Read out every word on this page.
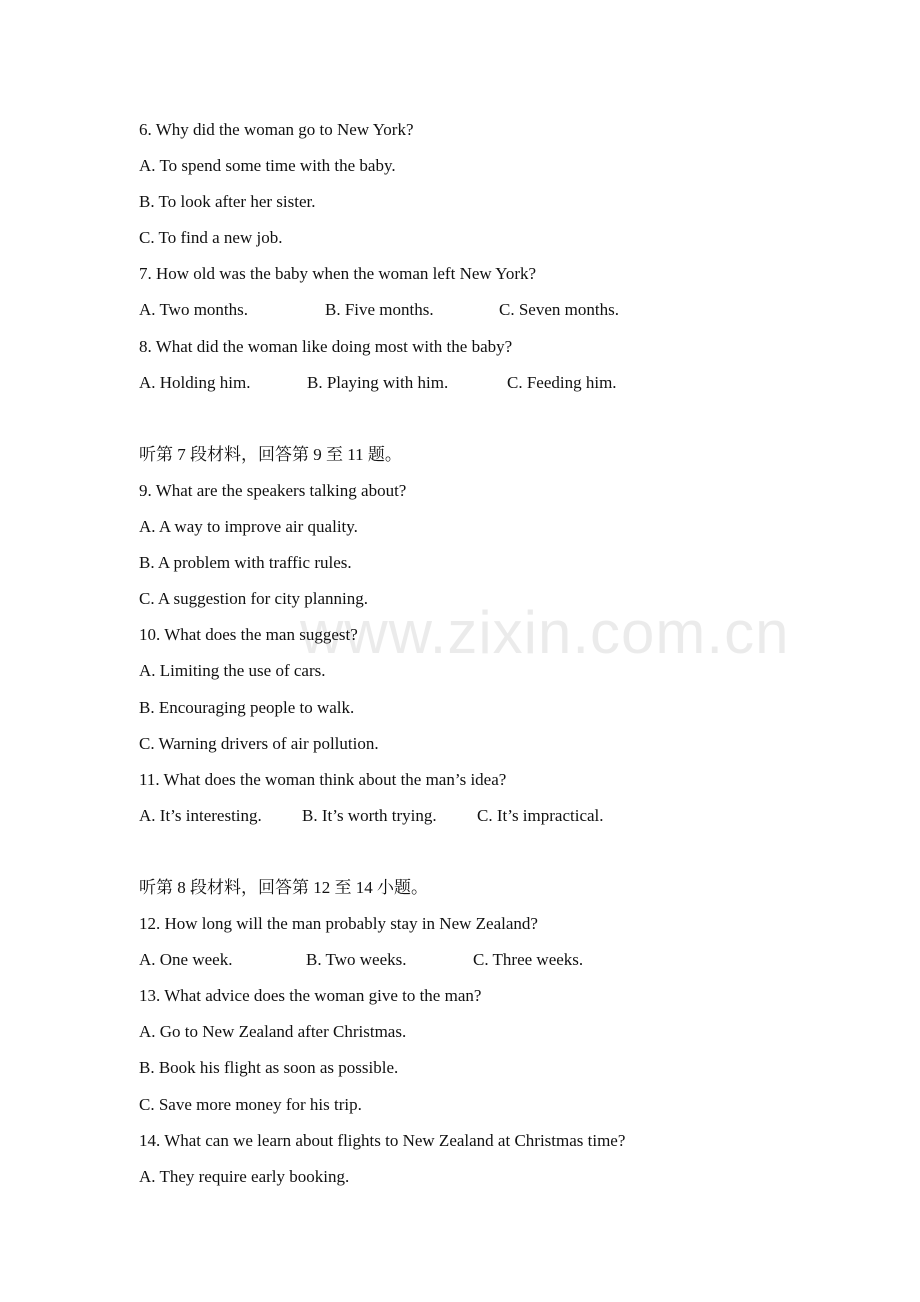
www.zixin.com.cn
6. Why did the woman go to New York?
A. To spend some time with the baby.
B. To look after her sister.
C. To find a new job.
7. How old was the baby when the woman left New York?
A. Two months.	B. Five months.	C. Seven months.
8. What did the woman like doing most with the baby?
A. Holding him.	B. Playing with him.	C. Feeding him.
听第 7 段材料，回答第 9 至 11 题。
9. What are the speakers talking about?
A. A way to improve air quality.
B. A problem with traffic rules.
C. A suggestion for city planning.
10. What does the man suggest?
A. Limiting the use of cars.
B. Encouraging people to walk.
C. Warning drivers of air pollution.
11. What does the woman think about the man’s idea?
A. It’s interesting.	B. It’s worth trying.	C. It’s impractical.
听第 8 段材料，回答第 12 至 14 小题。
12. How long will the man probably stay in New Zealand?
A. One week.	B. Two weeks.	C. Three weeks.
13. What advice does the woman give to the man?
A. Go to New Zealand after Christmas.
B. Book his flight as soon as possible.
C. Save more money for his trip.
14. What can we learn about flights to New Zealand at Christmas time?
A. They require early booking.
